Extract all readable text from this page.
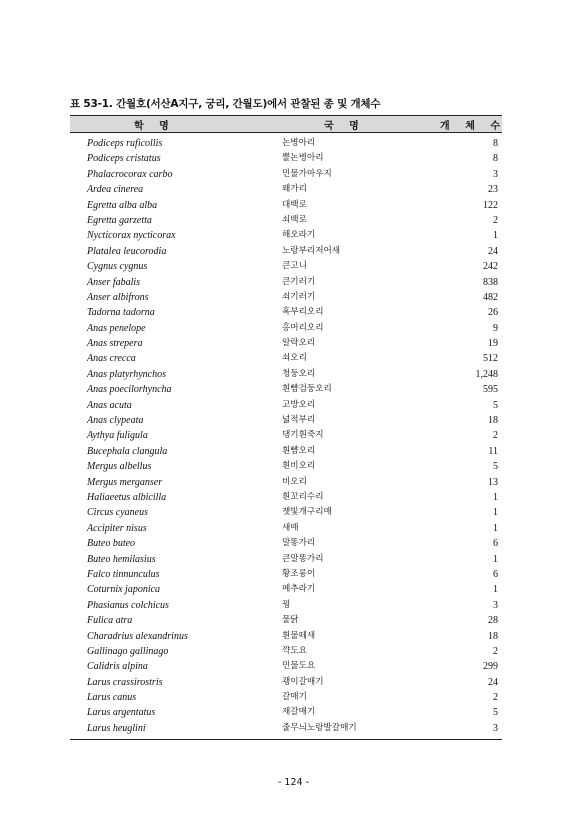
표 53-1. 간월호(서산A지구, 궁리, 간월도)에서 관찰된 종 및 개체수
학 명	국 명	개 체 수
Podiceps ruficollis	논병아리	8
Podiceps cristatus	뿔논병아리	8
Phalacrocorax carbo	민물가마우지	3
Ardea cinerea	왜가리	23
Egretta alba alba	대백로	122
Egretta garzetta	쇠백로	2
Nycticorax nycticorax	해오라기	1
Platalea leucorodia	노랑부리저어새	24
Cygnus cygnus	큰고니	242
Anser fabalis	큰기러기	838
Anser albifrons	쇠기러기	482
Tadorna tadorna	혹부리오리	26
Anas penelope	홍머리오리	9
Anas strepera	알락오리	19
Anas crecca	쇠오리	512
Anas platyrhynchos	청둥오리	1,248
Anas poecilorhyncha	흰뺨검둥오리	595
Anas acuta	고방오리	5
Anas clypeata	넓적부리	18
Aythya fuligula	댕기흰죽지	2
Bucephala clangula	흰뺨오리	11
Mergus albellus	흰비오리	5
Mergus merganser	비오리	13
Haliaeetus albicilla	흰꼬리수리	1
Circus cyaneus	잿빛개구리매	1
Accipiter nisus	새매	1
Buteo buteo	말똥가리	6
Buteo hemilasius	큰말똥가리	1
Falco tinnunculus	황조롱이	6
Coturnix japonica	메추라기	1
Phasianus colchicus	꿩	3
Fulica atra	물닭	28
Charadrius alexandrinus	흰물떼새	18
Gallinago gallinago	꺅도요	2
Calidris alpina	민물도요	299
Larus crassirostris	괭이갈매기	24
Larus canus	갈매기	2
Larus argentatus	재갈매기	5
Larus heuglini	줄무늬노랑발갈매기	3
- 124 -
